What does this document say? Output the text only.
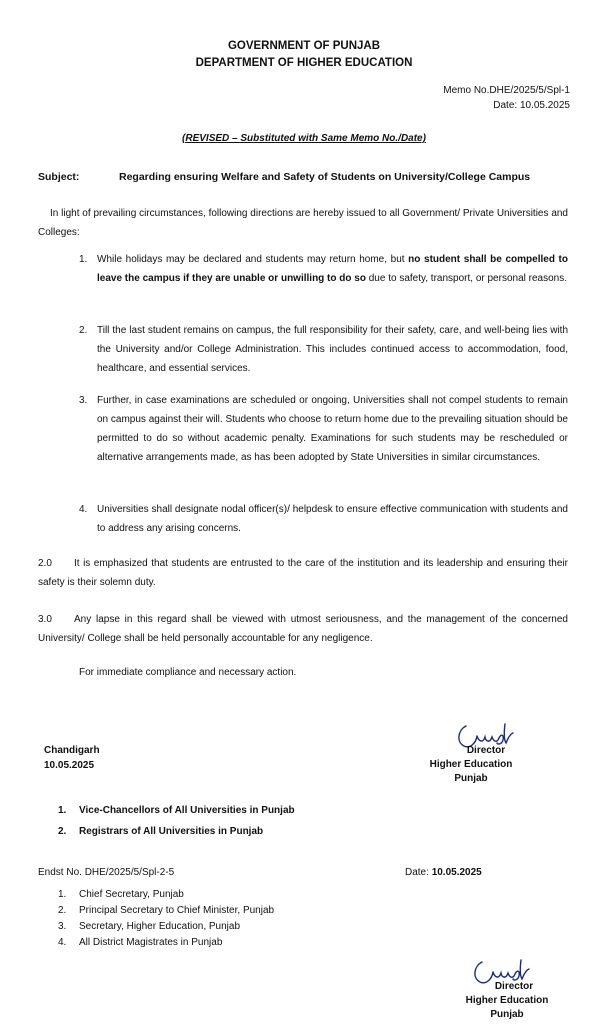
GOVERNMENT OF PUNJAB
DEPARTMENT OF HIGHER EDUCATION
Memo No.DHE/2025/5/Spl-1
Date: 10.05.2025
(REVISED – Substituted with Same Memo No./Date)
Subject:	Regarding ensuring Welfare and Safety of Students on University/College Campus
In light of prevailing circumstances, following directions are hereby issued to all Government/ Private Universities and Colleges:
1. While holidays may be declared and students may return home, but no student shall be compelled to leave the campus if they are unable or unwilling to do so due to safety, transport, or personal reasons.
2. Till the last student remains on campus, the full responsibility for their safety, care, and well-being lies with the University and/or College Administration. This includes continued access to accommodation, food, healthcare, and essential services.
3. Further, in case examinations are scheduled or ongoing, Universities shall not compel students to remain on campus against their will. Students who choose to return home due to the prevailing situation should be permitted to do so without academic penalty. Examinations for such students may be rescheduled or alternative arrangements made, as has been adopted by State Universities in similar circumstances.
4. Universities shall designate nodal officer(s)/ helpdesk to ensure effective communication with students and to address any arising concerns.
2.0 It is emphasized that students are entrusted to the care of the institution and its leadership and ensuring their safety is their solemn duty.
3.0 Any lapse in this regard shall be viewed with utmost seriousness, and the management of the concerned University/ College shall be held personally accountable for any negligence.
For immediate compliance and necessary action.
Director
Higher Education
Punjab
Chandigarh
10.05.2025
1. Vice-Chancellors of All Universities in Punjab
2. Registrars of All Universities in Punjab
Endst No. DHE/2025/5/Spl-2-5	Date: 10.05.2025
1.
2.
3.
4.
Chief Secretary, Punjab
Principal Secretary to Chief Minister, Punjab
Secretary, Higher Education, Punjab
All District Magistrates in Punjab
Director
Higher Education
Punjab
